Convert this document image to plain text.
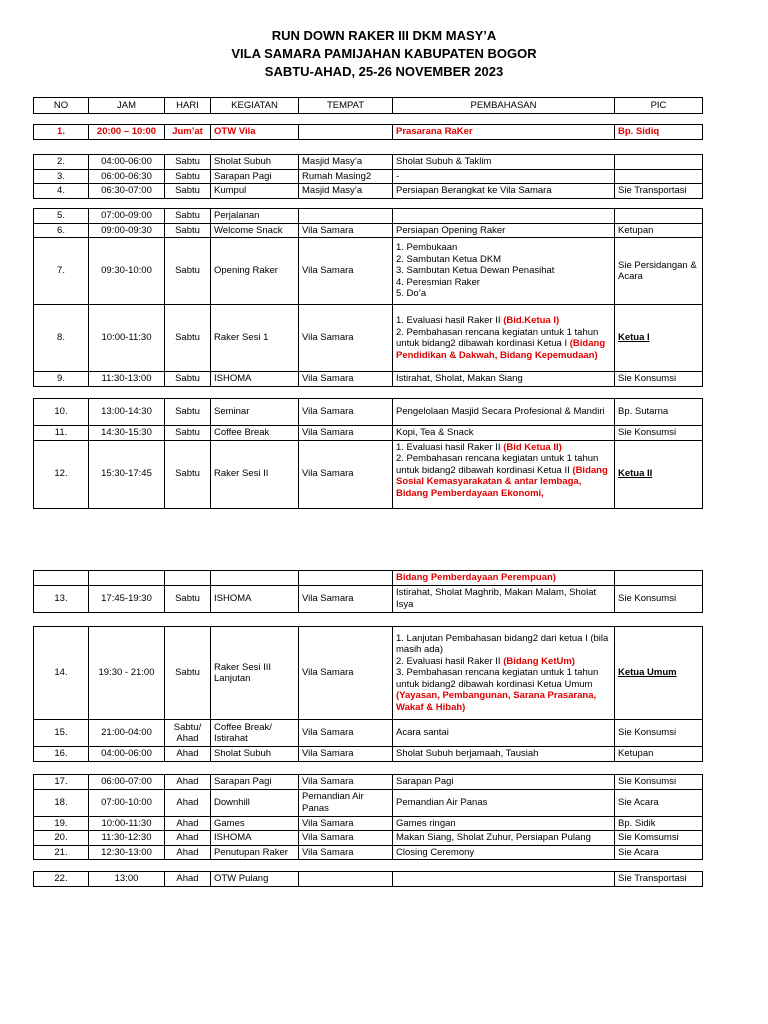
RUN DOWN RAKER III DKM MASY’A
VILA SAMARA PAMIJAHAN KABUPATEN BOGOR
SABTU-AHAD, 25-26 NOVEMBER 2023
NO	JAM	HARI	KEGIATAN	TEMPAT	PEMBAHASAN	PIC
1.	20:00 – 10:00	Jum’at	OTW Vila		Prasarana RaKer	Bp. Sidiq
2.	04:00-06:00	Sabtu	Sholat Subuh	Masjid Masy’a	Sholat Subuh & Taklim	
3.	06:00-06:30	Sabtu	Sarapan Pagi	Rumah Masing2	-	
4.	06:30-07:00	Sabtu	Kumpul	Masjid Masy’a	Persiapan Berangkat ke Vila Samara	Sie Transportasi
5.	07:00-09:00	Sabtu	Perjalanan			
6.	09:00-09:30	Sabtu	Welcome Snack	Vila Samara	Persiapan Opening Raker	Ketupan
7.	09:30-10:00	Sabtu	Opening Raker	Vila Samara	1. Pembukaan
2. Sambutan Ketua DKM
3. Sambutan Ketua Dewan Penasihat
4. Peresmian Raker
5. Do’a	Sie Persidangan & Acara
8.	10:00-11:30	Sabtu	Raker Sesi 1	Vila Samara	1. Evaluasi hasil Raker II (Bid.Ketua I)
2. Pembahasan rencana kegiatan untuk 1 tahun untuk bidang2 dibawah kordinasi Ketua I (Bidang Pendidikan & Dakwah, Bidang Kepemudaan)	Ketua I
9.	11:30-13:00	Sabtu	ISHOMA	Vila Samara	Istirahat, Sholat, Makan Siang	Sie Konsumsi
10.	13:00-14:30	Sabtu	Seminar	Vila Samara	Pengelolaan Masjid Secara Profesional & Mandiri	Bp. Sutarna
11.	14:30-15:30	Sabtu	Coffee Break	Vila Samara	Kopi, Tea & Snack	Sie Konsumsi
12.	15:30-17:45	Sabtu	Raker Sesi II	Vila Samara	1. Evaluasi hasil Raker II (Bid Ketua II)
2. Pembahasan rencana kegiatan untuk 1 tahun untuk bidang2 dibawah kordinasi Ketua II (Bidang Sosial Kemasyarakatan & antar lembaga, Bidang Pemberdayaan Ekonomi,	Ketua II
					Bidang Pemberdayaan Perempuan)	
13.	17:45-19:30	Sabtu	ISHOMA	Vila Samara	Istirahat, Sholat Maghrib, Makan Malam, Sholat Isya	Sie Konsumsi
14.	19:30 - 21:00	Sabtu	Raker Sesi III Lanjutan	Vila Samara	1. Lanjutan Pembahasan bidang2 dari ketua I (bila masih ada)
2. Evaluasi hasil Raker II (Bidang KetUm)
3. Pembahasan rencana kegiatan untuk 1 tahun untuk bidang2 dibawah kordinasi Ketua Umum (Yayasan, Pembangunan, Sarana Prasarana, Wakaf & Hibah)	Ketua Umum
15.	21:00-04:00	Sabtu/ Ahad	Coffee Break/ Istirahat	Vila Samara	Acara santai	Sie Konsumsi
16.	04:00-06:00	Ahad	Sholat Subuh	Vila Samara	Sholat Subuh berjamaah, Tausiah	Ketupan
17.	06:00-07:00	Ahad	Sarapan Pagi	Vila Samara	Sarapan Pagi	Sie Konsumsi
18.	07:00-10:00	Ahad	Downhill	Pemandian Air Panas	Pemandian Air Panas	Sie Acara
19.	10:00-11:30	Ahad	Games	Vila Samara	Games ringan	Bp. Sidik
20.	11:30-12:30	Ahad	ISHOMA	Vila Samara	Makan Siang, Sholat Zuhur, Persiapan Pulang	Sie Komsumsi
21.	12:30-13:00	Ahad	Penutupan Raker	Vila Samara	Closing Ceremony	Sie Acara
22.	13:00	Ahad	OTW Pulang			Sie Transportasi
